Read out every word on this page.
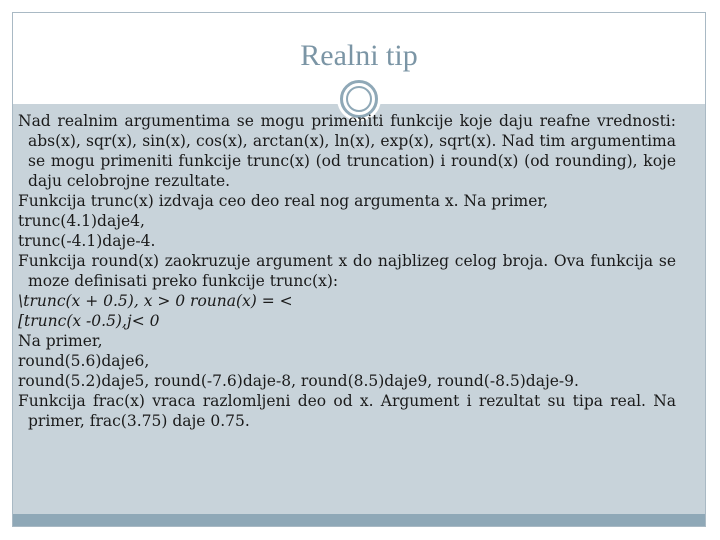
Realni tip

Nad realnim argumentima se mogu primeniti funkcije koje daju reafne vrednosti: abs(x), sqr(x), sin(x), cos(x), arctan(x), ln(x), exp(x), sqrt(x). Nad tim argumentima se mogu primeniti funkcije trunc(x) (od truncation) i round(x) (od rounding), koje daju celobrojne rezultate.

Funkcija trunc(x) izdvaja ceo deo real nog argumenta x. Na primer,

trunc(4.1)daje4,

trunc(-4.1)daje-4.

Funkcija round(x) zaokruzuje argument x do najblizeg celog broja. Ova funkcija se moze definisati preko funkcije trunc(x):

\trunc(x + 0.5), x > 0 rouna(x) = <

[trunc(x -0.5),j< 0

Na primer,

round(5.6)daje6,

round(5.2)daje5, round(-7.6)daje-8, round(8.5)daje9, round(-8.5)daje-9.

Funkcija frac(x) vraca razlomljeni deo od x. Argument i rezultat su tipa real. Na primer, frac(3.75) daje 0.75.
